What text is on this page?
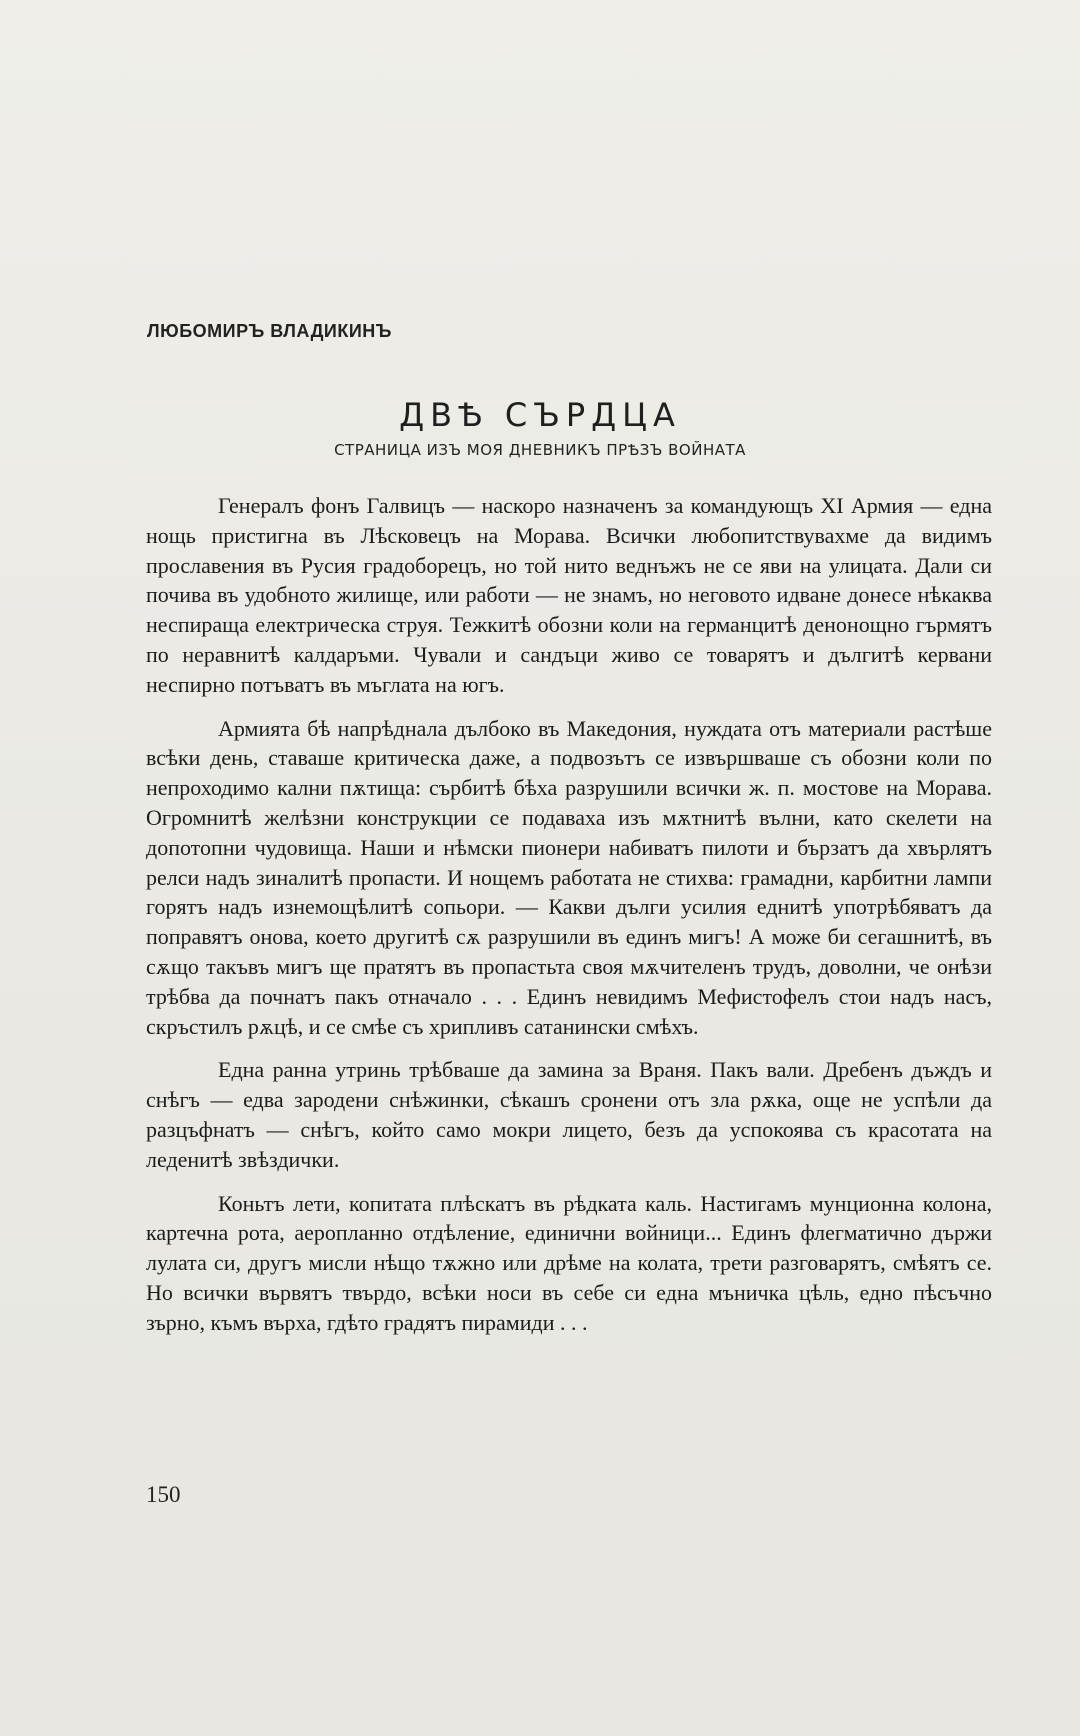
ЛЮБОМИРЪ ВЛАДИКИНЪ
ДВѢ СЪРДЦА
СТРАНИЦА ИЗЪ МОЯ ДНЕВНИКЪ ПРѢЗЪ ВОЙНАТА

Генералъ фонъ Галвицъ — наскоро назначенъ за командующъ XI Армия — една нощь пристигна въ Лѣсковецъ на Морава. Всички любопитствувахме да видимъ прославения въ Русия градоборецъ, но той нито веднъжъ не се яви на улицата. Дали си почива въ удобното жилище, или работи — не знамъ, но неговото идване донесе нѣкаква неспираща електрическа струя. Тежкитѣ обозни коли на германцитѣ денонощно гърмятъ по неравнитѣ калдаръми. Чували и сандъци живо се товарятъ и дългитѣ кервани неспирно потъватъ въ мъглата на югъ.

Армията бѣ напрѣднала дълбоко въ Македония, нуждата отъ материали растѣше всѣки день, ставаше критическа даже, а подвозътъ се извършваше съ обозни коли по непроходимо кални пѫтища: сърбитѣ бѣха разрушили всички ж. п. мостове на Морава. Огромнитѣ желѣзни конструкции се подаваха изъ мѫтнитѣ вълни, като скелети на допотопни чудовища. Наши и нѣмски пионери набиватъ пилоти и бързатъ да хвърлятъ релси надъ зиналитѣ пропасти. И нощемъ работата не стихва: грамадни, карбитни лампи горятъ надъ изнемощѣлитѣ сопьори. — Какви дълги усилия еднитѣ употрѣбяватъ да поправятъ онова, което другитѣ сѫ разрушили въ единъ мигъ! А може би сегашнитѣ, въ сѫщо такъвъ мигъ ще пратятъ въ пропастьта своя мѫчителенъ трудъ, доволни, че онѣзи трѣбва да почнатъ пакъ отначало . . . Единъ невидимъ Мефистофелъ стои надъ насъ, скръстилъ рѫцѣ, и се смѣе съ хрипливъ сатанински смѣхъ.

Една ранна утринь трѣбваше да замина за Враня. Пакъ вали. Дребенъ дъждъ и снѣгъ — едва зародени снѣжинки, сѣкашъ сронени отъ зла рѫка, още не успѣли да разцъфнатъ — снѣгъ, който само мокри лицето, безъ да успокоява съ красотата на леденитѣ звѣздички.

Коньтъ лети, копитата плѣскатъ въ рѣдката каль. Настигамъ мунционна колона, картечна рота, аеропланно отдѣление, единични войници... Единъ флегматично държи лулата си, другъ мисли нѣщо тѫжно или дрѣме на колата, трети разговарятъ, смѣятъ се. Но всички вървятъ твърдо, всѣки носи въ себе си една мъничка цѣль, едно пѣсъчно зърно, къмъ върха, гдѣто градятъ пирамиди . . .

150
